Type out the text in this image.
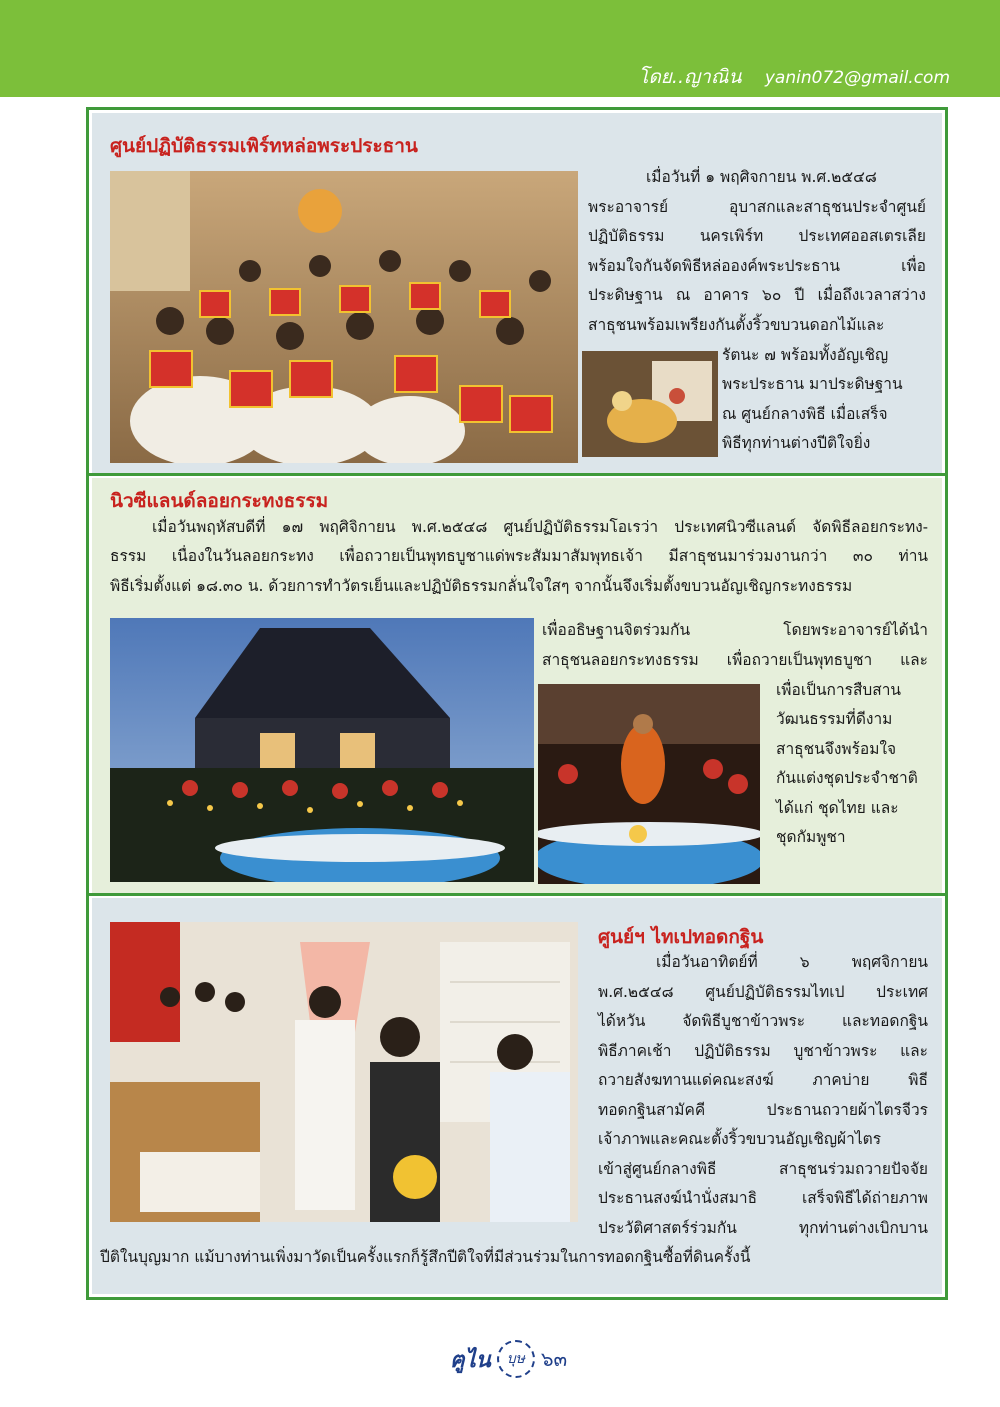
โดย..ญาณิน yanin072@gmail.com
ศูนย์ปฏิบัติธรรมเพิร์ทหล่อพระประธาน

เมื่อวันที่ ๑ พฤศิจกายน พ.ศ.๒๕๔๘

พระอาจารย์ อุบาสกและสาธุชนประจำศูนย์

ปฏิบัติธรรม นครเพิร์ท ประเทศออสเตรเลีย

พร้อมใจกันจัดพิธีหล่อองค์พระประธาน เพื่อ

ประดิษฐาน ณ อาคาร ๖๐ ปี เมื่อถึงเวลาสว่าง

สาธุชนพร้อมเพรียงกันตั้งริ้วขบวนดอกไม้และ

รัตนะ ๗ พร้อมทั้งอัญเชิญ

พระประธาน มาประดิษฐาน

ณ ศูนย์กลางพิธี เมื่อเสร็จ

พิธีทุกท่านต่างปีติใจยิ่ง

นิวซีแลนด์ลอยกระทงธรรม

เมื่อวันพฤหัสบดีที่ ๑๗ พฤศิจิกายน พ.ศ.๒๕๔๘ ศูนย์ปฏิบัติธรรมโอเรว่า ประเทศนิวซีแลนด์ จัดพิธีลอยกระทง-

ธรรม เนื่องในวันลอยกระทง เพื่อถวายเป็นพุทธบูชาแด่พระสัมมาสัมพุทธเจ้า มีสาธุชนมาร่วมงานกว่า ๓๐ ท่าน

พิธีเริ่มตั้งแต่ ๑๘.๓๐ น. ด้วยการทำวัตรเย็นและปฏิบัติธรรมกลั่นใจใสๆ จากนั้นจึงเริ่มตั้งขบวนอัญเชิญกระทงธรรม

เพื่ออธิษฐานจิตร่วมกัน โดยพระอาจารย์ได้นำ

สาธุชนลอยกระทงธรรม เพื่อถวายเป็นพุทธบูชา และ

เพื่อเป็นการสืบสาน

วัฒนธรรมที่ดีงาม

สาธุชนจึงพร้อมใจ

กันแต่งชุดประจำชาติ

ได้แก่ ชุดไทย และ

ชุดกัมพูชา

ศูนย์ฯ ไทเปทอดกฐิน

เมื่อวันอาทิตย์ที่ ๖ พฤศจิกายน

พ.ศ.๒๕๔๘ ศูนย์ปฏิบัติธรรมไทเป ประเทศ

ได้หวัน จัดพิธีบูชาข้าวพระ และทอดกฐิน

พิธีภาคเช้า ปฏิบัติธรรม บูชาข้าวพระ และ

ถวายสังฆทานแด่คณะสงฆ์ ภาคบ่าย พิธี

ทอดกฐินสามัคคี ประธานถวายผ้าไตรจีวร

เจ้าภาพและคณะตั้งริ้วขบวนอัญเชิญผ้าไตร

เข้าสู่ศูนย์กลางพิธี สาธุชนร่วมถวายปัจจัย

ประธานสงฆ์นำนั่งสมาธิ เสร็จพิธีได้ถ่ายภาพ

ประวัติศาสตร์ร่วมกัน ทุกท่านต่างเบิกบาน

ปีติในบุญมาก แม้บางท่านเพิ่งมาวัดเป็นครั้งแรกก็รู้สึกปีติใจที่มีส่วนร่วมในการทอดกฐินซื้อที่ดินครั้งนี้

ฅูไน บุษ ๖๓
